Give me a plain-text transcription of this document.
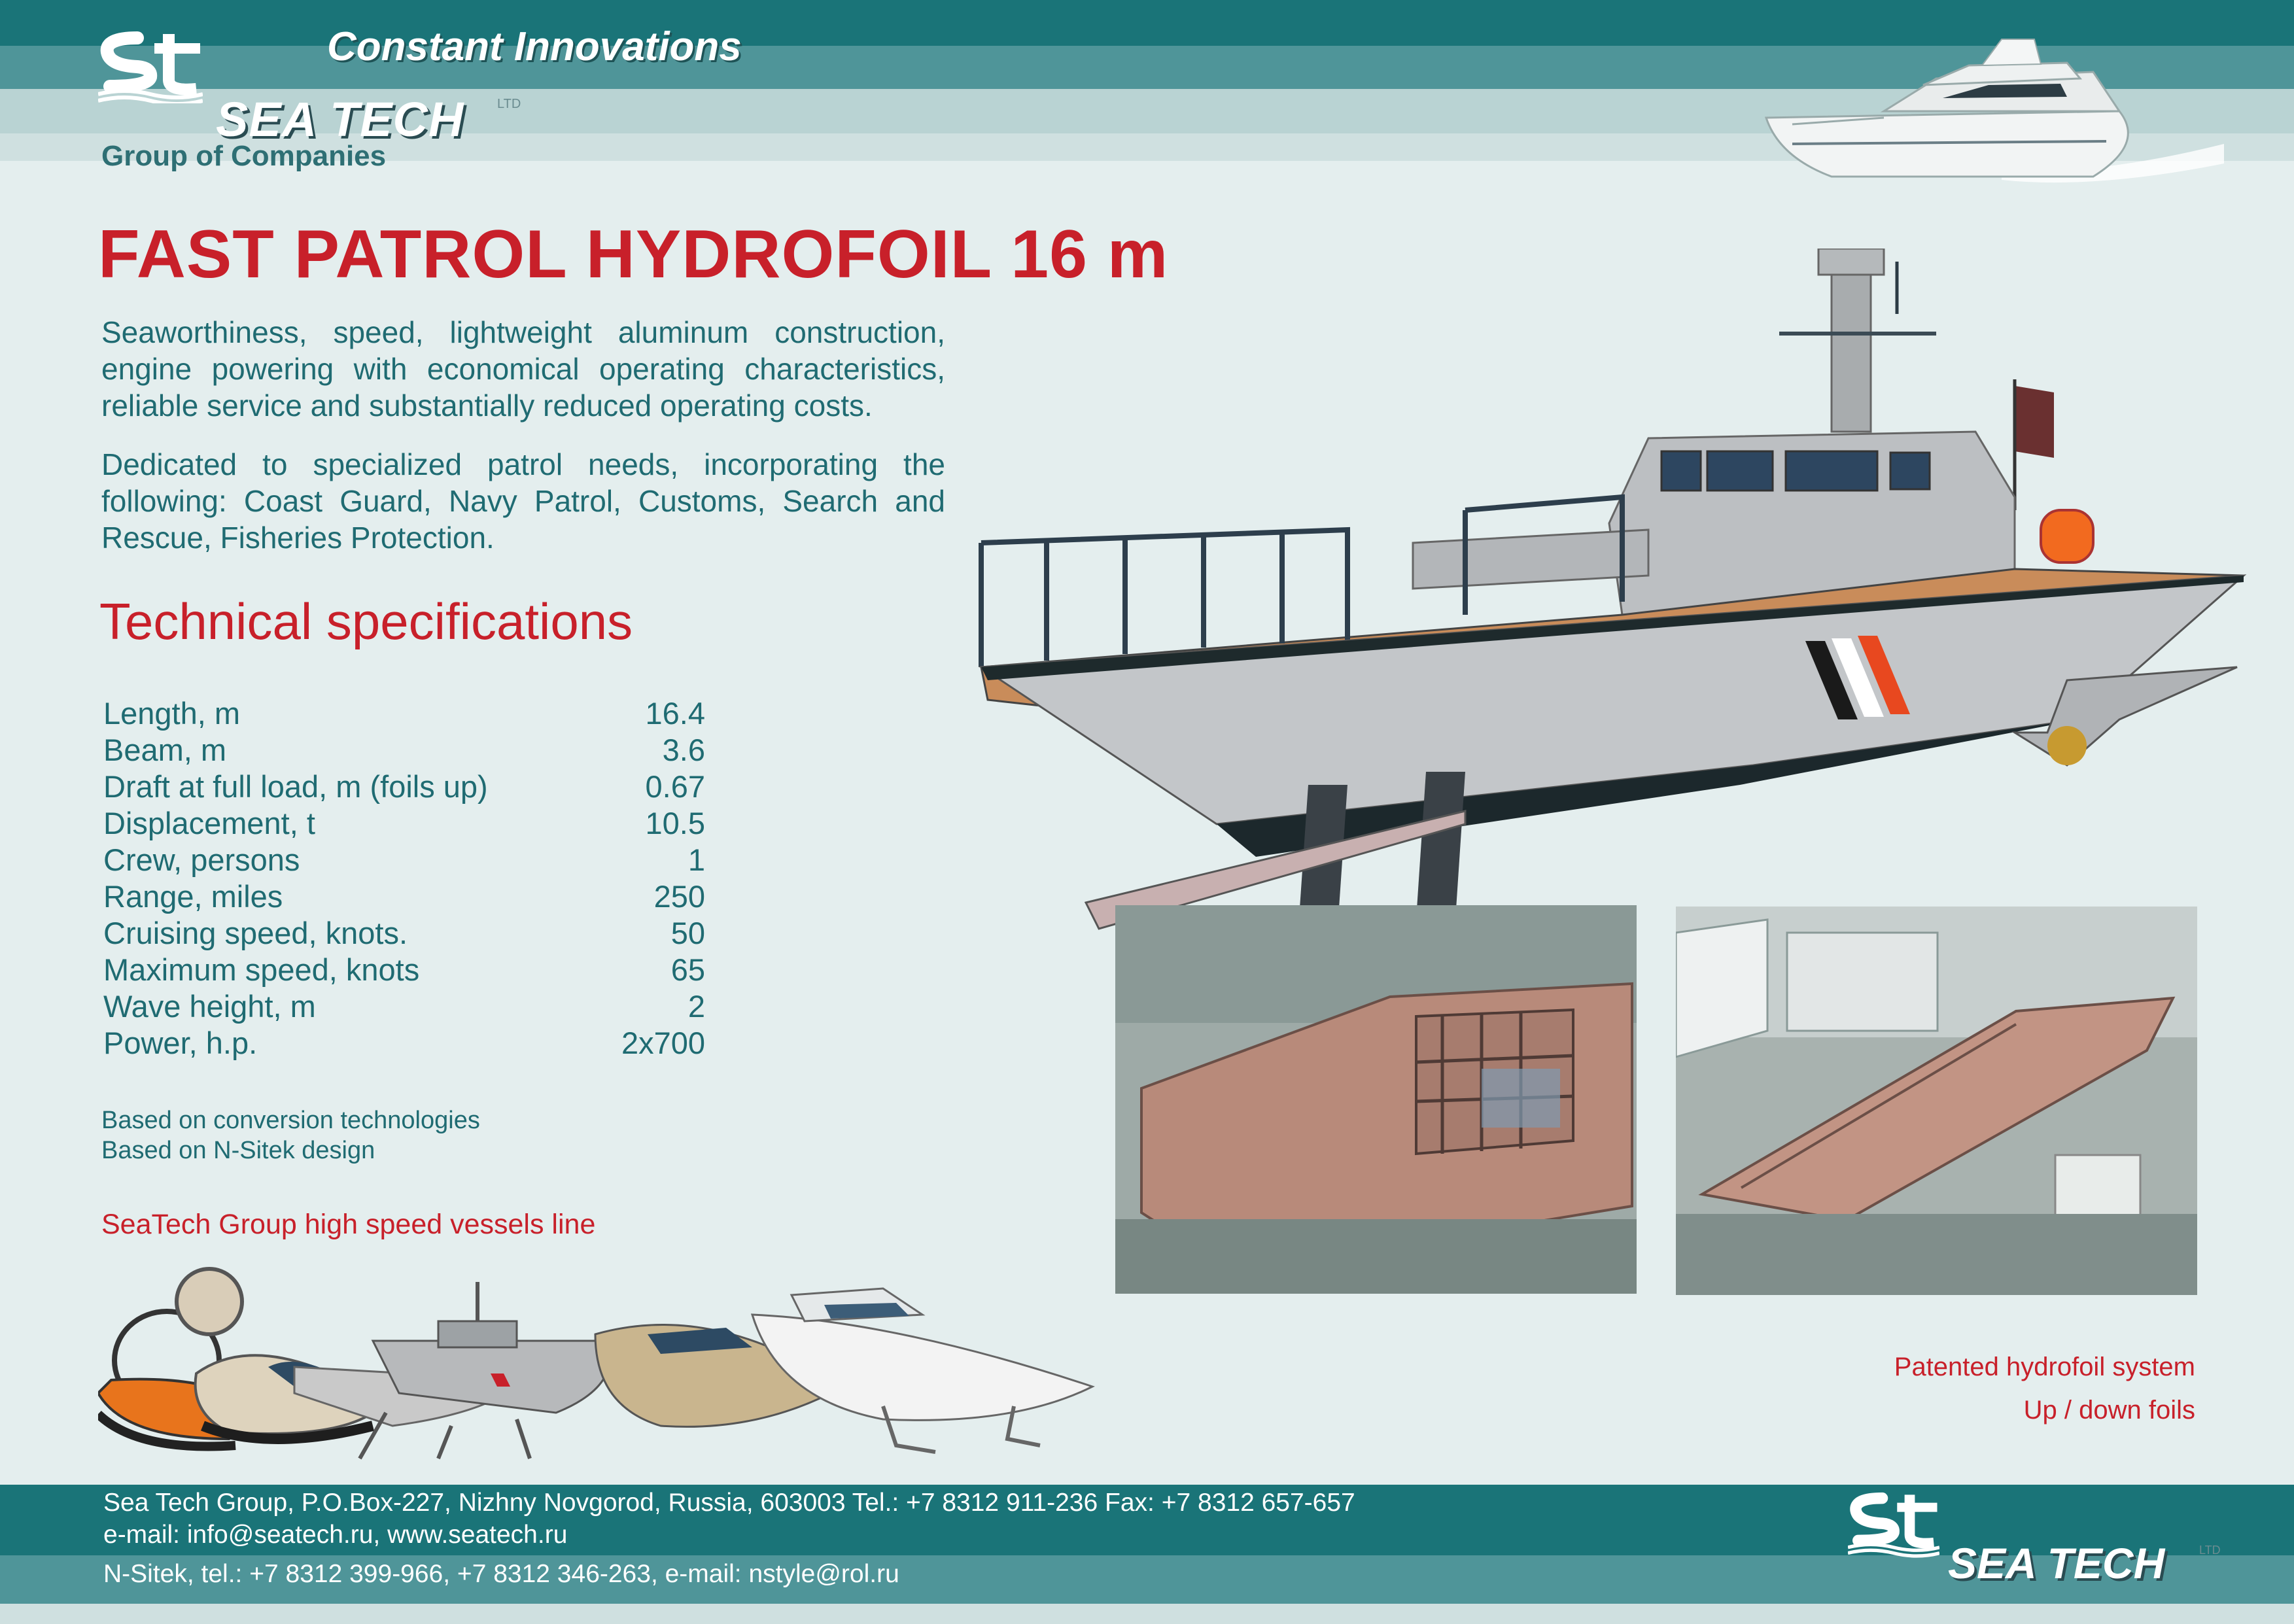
SEA TECH	LTD
Group of Companies
Constant Innovations
FAST PATROL HYDROFOIL 16 m
Seaworthiness, speed, lightweight aluminum construction, engine powering with economical operating characteristics, reliable service and substantially reduced operating costs.
Dedicated to specialized patrol needs, incorporating the following: Coast Guard, Navy Patrol, Customs, Search and Rescue, Fisheries Protection.
Technical specifications
Length, m	16.4
Beam, m	3.6
Draft at full load, m (foils up)	0.67
Displacement, t	10.5
Crew, persons	1
Range, miles	250
Cruising speed, knots.	50
Maximum speed, knots	65
Wave height, m	2
Power, h.p.	2x700
Based on conversion technologies
Based on N-Sitek design
SeaTech Group high speed vessels line
Patented hydrofoil system
Up / down foils
Sea Tech Group, P.O.Box-227, Nizhny Novgorod, Russia, 603003 Tel.: +7 8312 911-236 Fax: +7 8312 657-657
e-mail: info@seatech.ru, www.seatech.ru
N-Sitek, tel.: +7 8312 399-966, +7 8312 346-263, e-mail: nstyle@rol.ru	SEA TECH	LTD
